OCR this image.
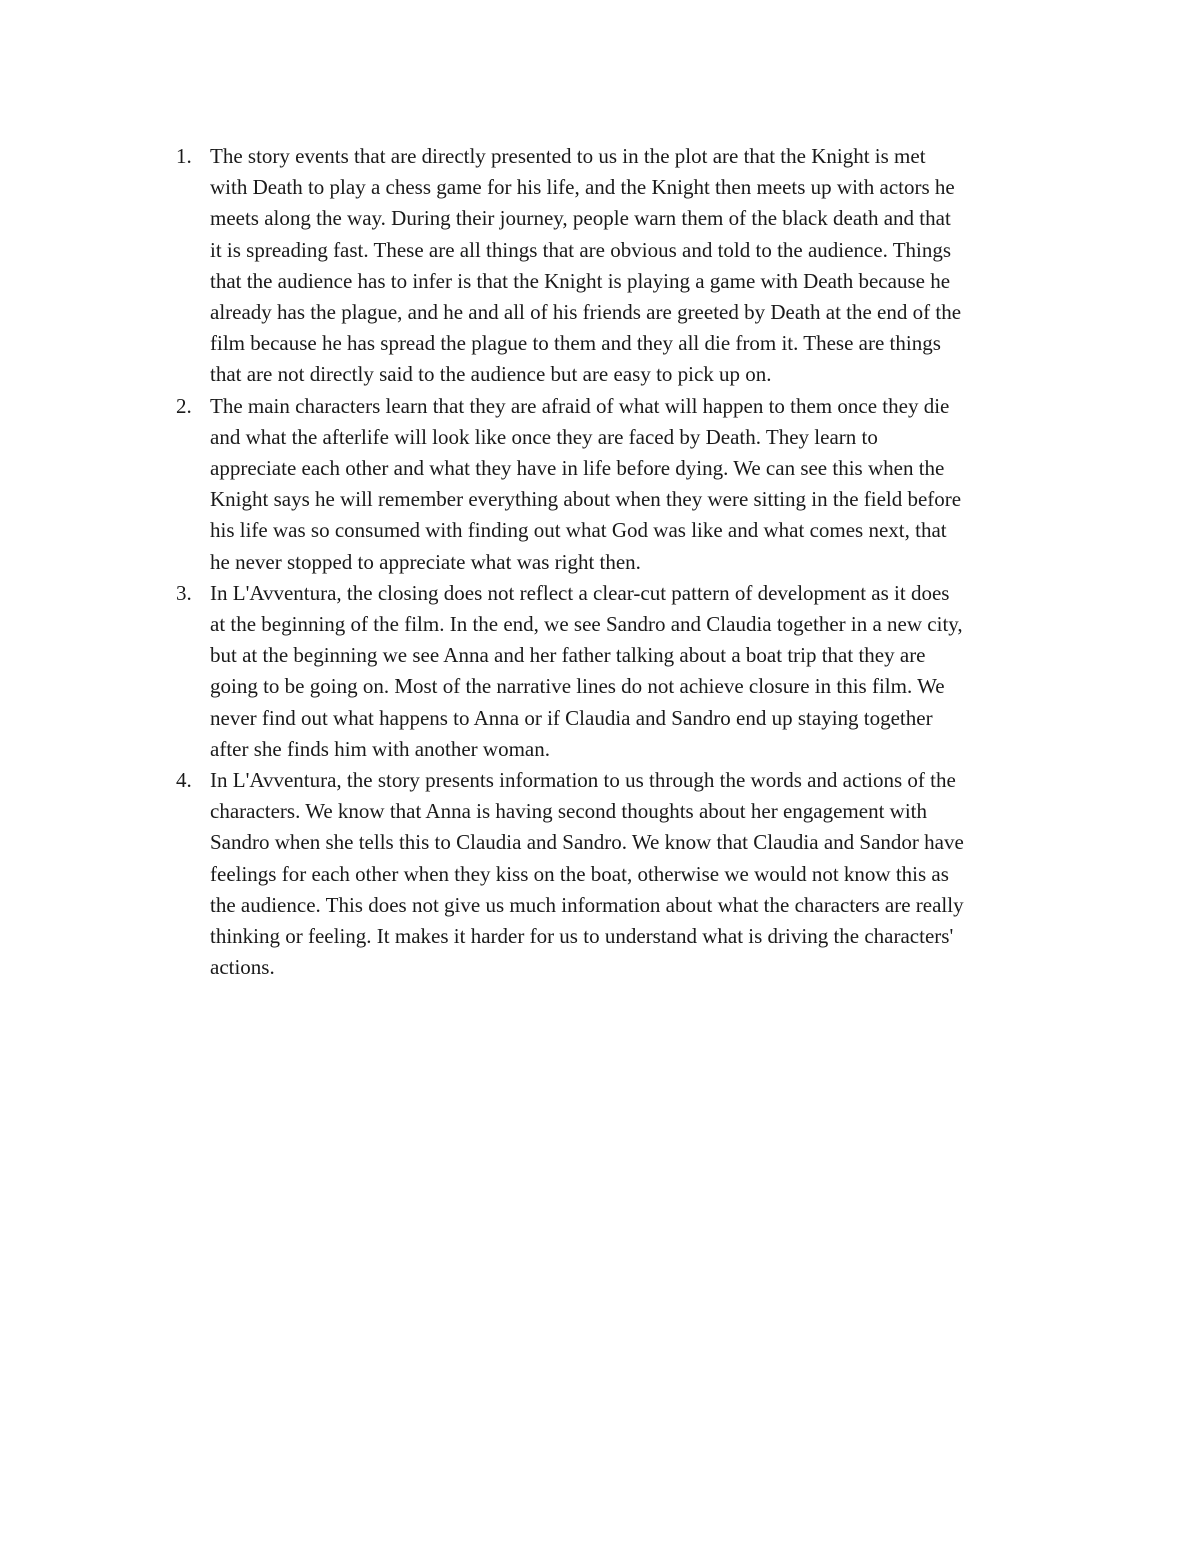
1. The story events that are directly presented to us in the plot are that the Knight is met
with Death to play a chess game for his life, and the Knight then meets up with actors he
meets along the way. During their journey, people warn them of the black death and that
it is spreading fast. These are all things that are obvious and told to the audience. Things
that the audience has to infer is that the Knight is playing a game with Death because he
already has the plague, and he and all of his friends are greeted by Death at the end of the
film because he has spread the plague to them and they all die from it. These are things
that are not directly said to the audience but are easy to pick up on.
2. The main characters learn that they are afraid of what will happen to them once they die
and what the afterlife will look like once they are faced by Death. They learn to
appreciate each other and what they have in life before dying. We can see this when the
Knight says he will remember everything about when they were sitting in the field before
his life was so consumed with finding out what God was like and what comes next, that
he never stopped to appreciate what was right then.
3. In L'Avventura, the closing does not reflect a clear-cut pattern of development as it does
at the beginning of the film. In the end, we see Sandro and Claudia together in a new city,
but at the beginning we see Anna and her father talking about a boat trip that they are
going to be going on. Most of the narrative lines do not achieve closure in this film. We
never find out what happens to Anna or if Claudia and Sandro end up staying together
after she finds him with another woman.
4. In L'Avventura, the story presents information to us through the words and actions of the
characters. We know that Anna is having second thoughts about her engagement with
Sandro when she tells this to Claudia and Sandro. We know that Claudia and Sandor have
feelings for each other when they kiss on the boat, otherwise we would not know this as
the audience. This does not give us much information about what the characters are really
thinking or feeling. It makes it harder for us to understand what is driving the characters'
actions.
